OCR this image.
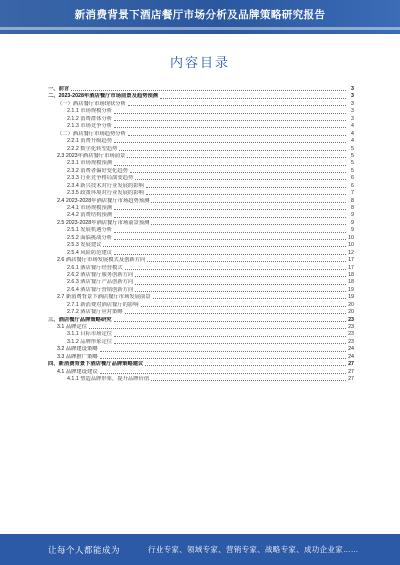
新消费背景下酒店餐厅市场分析及品牌策略研究报告
内容目录
一、前言	3
二、2023-2028年酒店餐厅市场前景及趋势预测	3
（一）酒店餐厅市场现状分析	3
2.1.1 市场规模分析	3
2.1.2 消费群体分析	3
2.1.3 市场竞争分析	4
（二）酒店餐厅市场趋势分析	4
2.2.1 消费升级趋势	4
2.2.2 数字化转型趋势	5
2.3 2023年酒店餐厅市场前景	5
2.3.1 市场规模预测	5
2.3.2 消费者偏好变化趋势	5
2.3.3 行业竞争格局演变趋势	6
2.3.4 新兴技术对行业发展的影响	6
2.3.5 政策环境对行业发展的影响	7
2.4 2023-2028年酒店餐厅市场趋势预测	8
2.4.1 市场规模预测	8
2.4.2 消费结构预测	9
2.5 2023-2028年酒店餐厅市场前景预测	9
2.5.1 发展机遇分析	9
2.5.2 面临挑战分析	10
2.5.3 发展建议	10
2.5.4 风险防范建议	12
2.6 酒店餐厅市场发展模式及创新方向	17
2.6.1 酒店餐厅经营模式	17
2.6.2 酒店餐厅服务创新方向	18
2.6.3 酒店餐厅产品创新方向	18
2.6.4 酒店餐厅营销创新方向	19
2.7 新消费背景下酒店餐厅市场发展前景	19
2.7.1 新消费对酒店餐厅的影响	20
2.7.2 酒店餐厅应对策略	20
三、酒店餐厅品牌策略研究	23
3.1 品牌定位	23
3.1.1 目标市场定位	23
3.1.2 品牌形象定位	23
3.2 品牌建设策略	24
3.3 品牌推广策略	24
四、新消费背景下酒店餐厅品牌策略建议	27
4.1 品牌建设建议	27
4.1.1 塑造品牌形象，提升品牌价值	27
让每个人都能成为	行业专家、领域专家、营销专家、战略专家、成功企业家……
